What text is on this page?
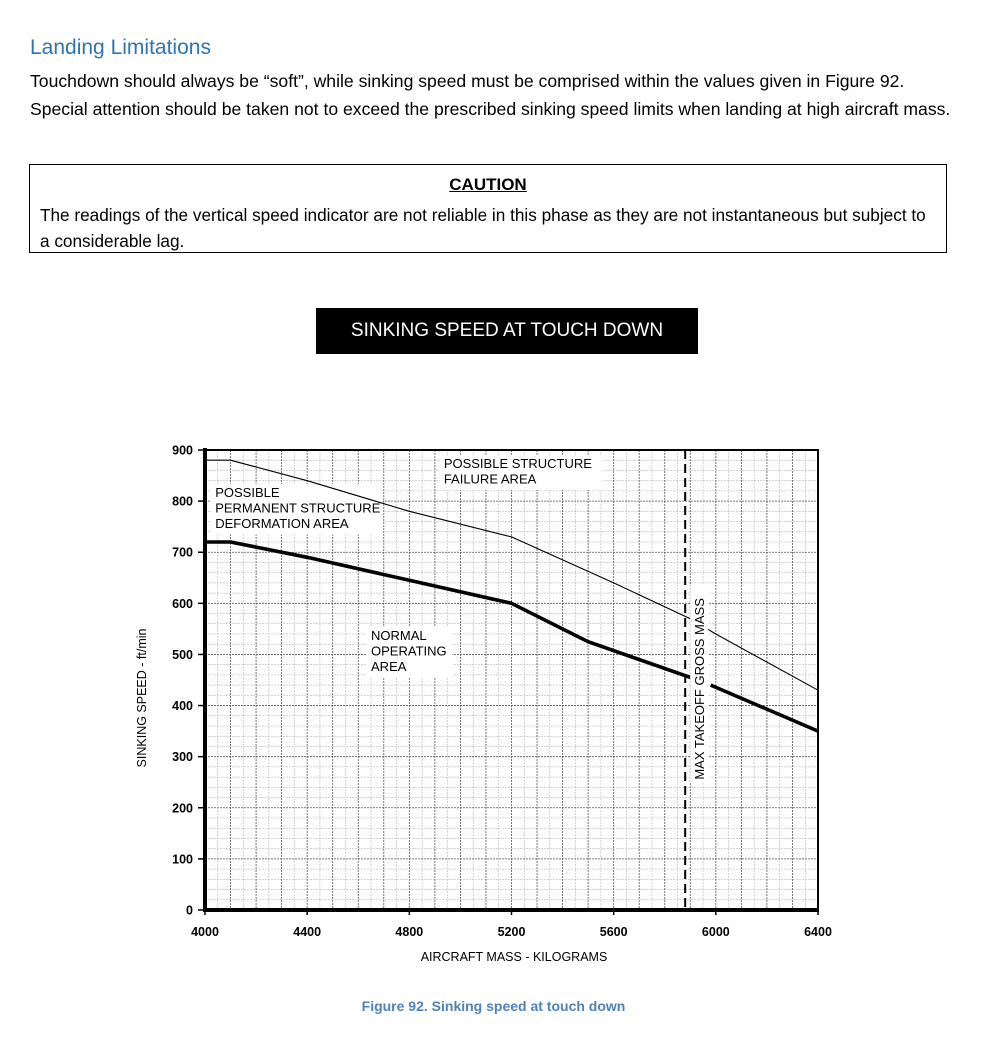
Landing Limitations

Touchdown should always be “soft”, while sinking speed must be comprised within the values given in Figure 92. Special attention should be taken not to exceed the prescribed sinking speed limits when landing at high aircraft mass.

CAUTION
The readings of the vertical speed indicator are not reliable in this phase as they are not instantaneous but subject to a considerable lag.
POSSIBLE STRUCTURE
FAILURE AREA
POSSIBLE
PERMANENT STRUCTURE
DEFORMATION AREA
NORMAL
OPERATING
AREA	MAX TAKEOFF GROSS MASS
4000	4400	4800	5200	5600	6000	6400
0
100
200
300
400
500
600
700
800
900
AIRCRAFT MASS - KILOGRAMS
SINKING SPEED - ft/min
SINKING SPEED AT TOUCH DOWN
Figure 92. Sinking speed at touch down
